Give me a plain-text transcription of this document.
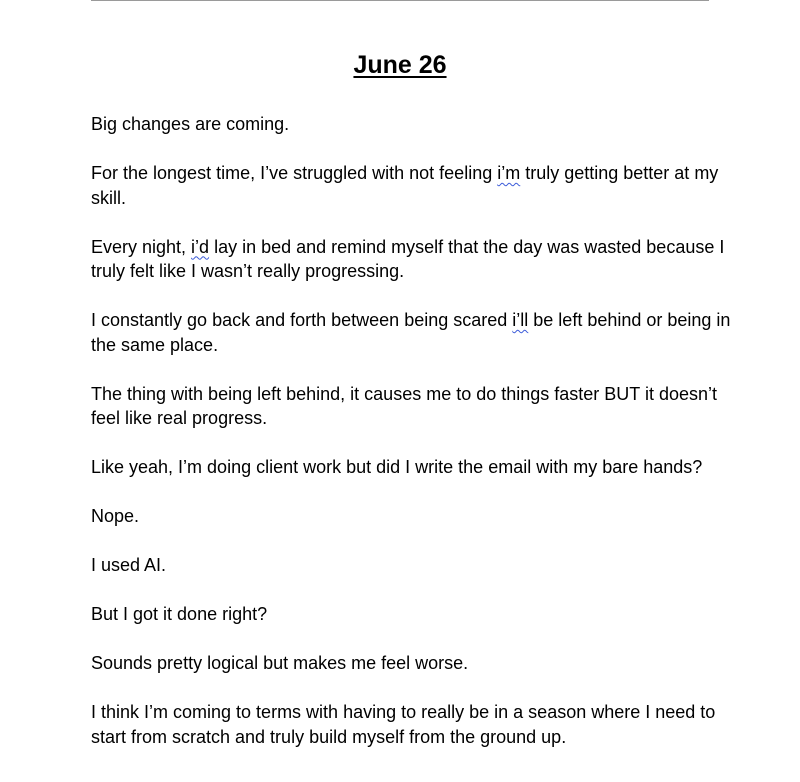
June 26

Big changes are coming.

For the longest time, I’ve struggled with not feeling i’m truly getting better at my skill.

Every night, i’d lay in bed and remind myself that the day was wasted because I truly felt like I wasn’t really progressing.

I constantly go back and forth between being scared i’ll be left behind or being in the same place.

The thing with being left behind, it causes me to do things faster BUT it doesn’t feel like real progress.

Like yeah, I’m doing client work but did I write the email with my bare hands?

Nope.

I used AI.

But I got it done right?

Sounds pretty logical but makes me feel worse.

I think I’m coming to terms with having to really be in a season where I need to start from scratch and truly build myself from the ground up.
